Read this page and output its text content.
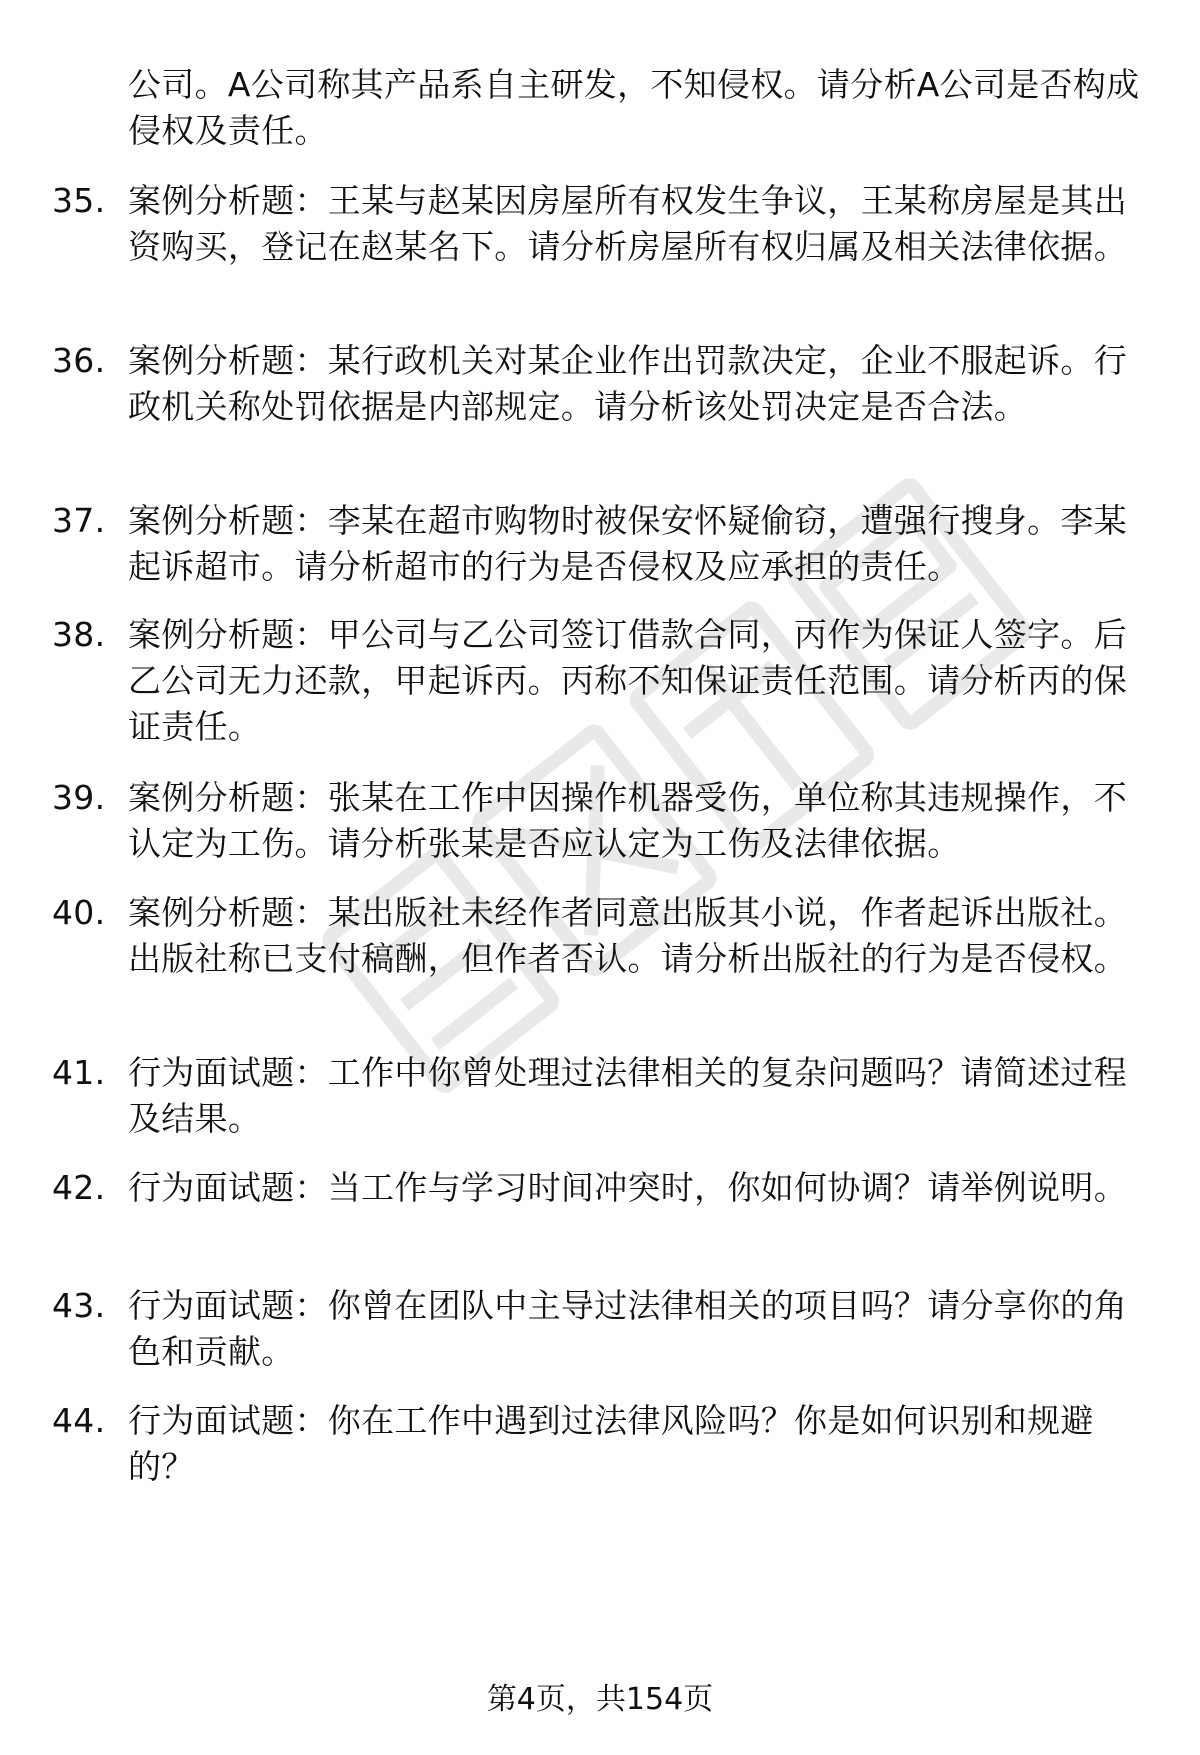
公司。A公司称其产品系自主研发，不知侵权。请分析A公司是否构成侵权及责任。
35. 案例分析题：王某与赵某因房屋所有权发生争议，王某称房屋是其出资购买，登记在赵某名下。请分析房屋所有权归属及相关法律依据。
36. 案例分析题：某行政机关对某企业作出罚款决定，企业不服起诉。行政机关称处罚依据是内部规定。请分析该处罚决定是否合法。
37. 案例分析题：李某在超市购物时被保安怀疑偷窃，遭强行搜身。李某起诉超市。请分析超市的行为是否侵权及应承担的责任。
38. 案例分析题：甲公司与乙公司签订借款合同，丙作为保证人签字。后乙公司无力还款，甲起诉丙。丙称不知保证责任范围。请分析丙的保证责任。
39. 案例分析题：张某在工作中因操作机器受伤，单位称其违规操作，不认定为工伤。请分析张某是否应认定为工伤及法律依据。
40. 案例分析题：某出版社未经作者同意出版其小说，作者起诉出版社。出版社称已支付稿酬，但作者否认。请分析出版社的行为是否侵权。
41. 行为面试题：工作中你曾处理过法律相关的复杂问题吗？请简述过程及结果。
42. 行为面试题：当工作与学习时间冲突时，你如何协调？请举例说明。
43. 行为面试题：你曾在团队中主导过法律相关的项目吗？请分享你的角色和贡献。
44. 行为面试题：你在工作中遇到过法律风险吗？你是如何识别和规避的？
第4页，共154页
